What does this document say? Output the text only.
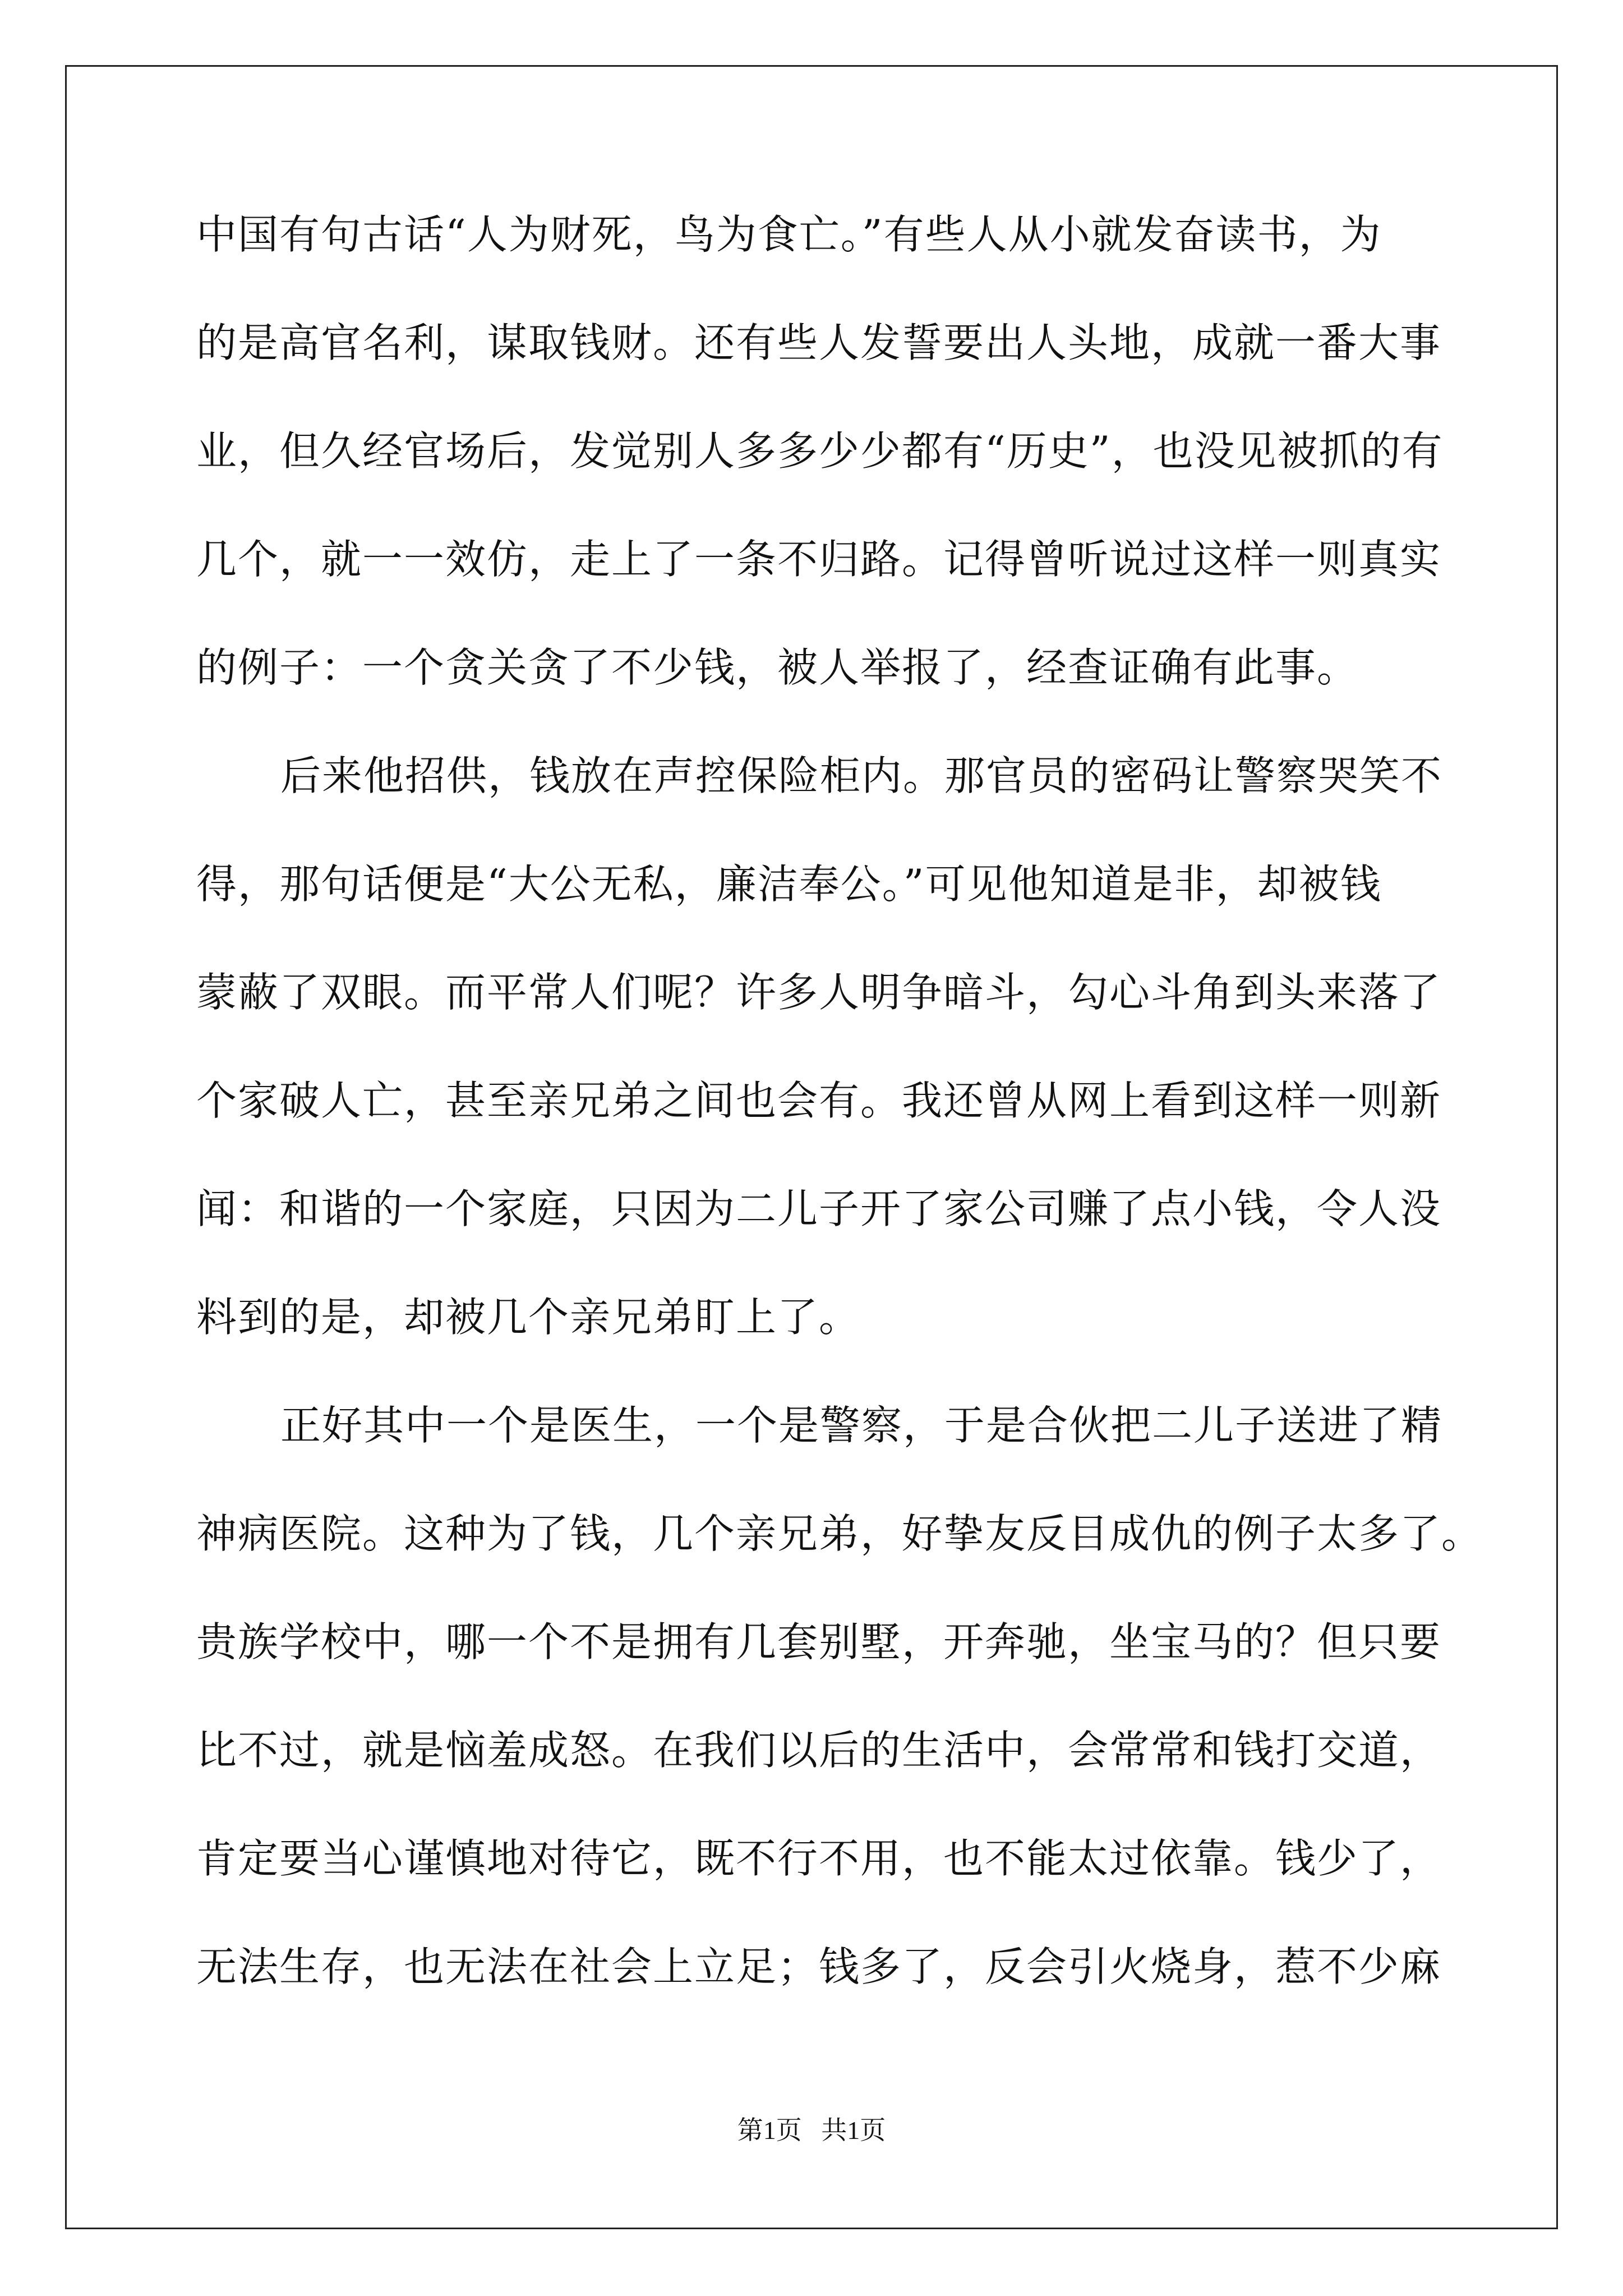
中国有句古话“人为财死，鸟为食亡。”有些人从小就发奋读书，为
的是高官名利，谋取钱财。还有些人发誓要出人头地，成就一番大事
业，但久经官场后，发觉别人多多少少都有“历史”，也没见被抓的有
几个，就一一效仿，走上了一条不归路。记得曾听说过这样一则真实
的例子：一个贪关贪了不少钱，被人举报了，经查证确有此事。
后来他招供，钱放在声控保险柜内。那官员的密码让警察哭笑不
得，那句话便是“大公无私，廉洁奉公。”可见他知道是非，却被钱
蒙蔽了双眼。而平常人们呢？许多人明争暗斗，勾心斗角到头来落了
个家破人亡，甚至亲兄弟之间也会有。我还曾从网上看到这样一则新
闻：和谐的一个家庭，只因为二儿子开了家公司赚了点小钱，令人没
料到的是，却被几个亲兄弟盯上了。
正好其中一个是医生，一个是警察，于是合伙把二儿子送进了精
神病医院。这种为了钱，几个亲兄弟，好挚友反目成仇的例子太多了。
贵族学校中，哪一个不是拥有几套别墅，开奔驰，坐宝马的？但只要
比不过，就是恼羞成怒。在我们以后的生活中，会常常和钱打交道，
肯定要当心谨慎地对待它，既不行不用，也不能太过依靠。钱少了，
无法生存，也无法在社会上立足；钱多了，反会引火烧身，惹不少麻
第1页   共1页
